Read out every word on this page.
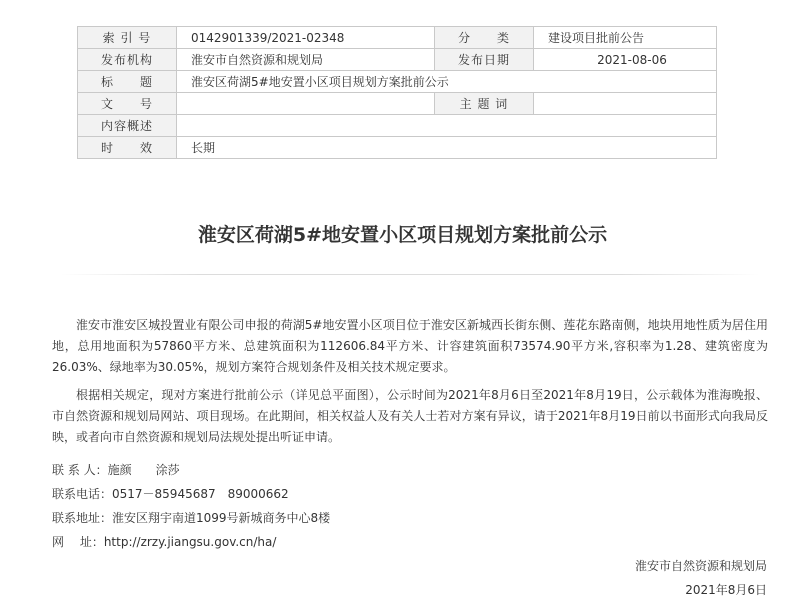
索 引 号	0142901339/2021-02348	分　　类	建设项目批前公告
发布机构	淮安市自然资源和规划局	发布日期	2021-08-06
标　　题	淮安区荷湖5#地安置小区项目规划方案批前公示		
文　　号		主 题 词	
内容概述			
时　　效	长期		
淮安区荷湖5#地安置小区项目规划方案批前公示

淮安市淮安区城投置业有限公司申报的荷湖5#地安置小区项目位于淮安区新城西长街东侧、莲花东路南侧，地块用地性质为居住用地，总用地面积为57860平方米、总建筑面积为112606.84平方米、计容建筑面积73574.90平方米,容积率为1.28、建筑密度为26.03%、绿地率为30.05%，规划方案符合规划条件及相关技术规定要求。

根据相关规定，现对方案进行批前公示（详见总平面图），公示时间为2021年8月6日至2021年8月19日，公示载体为淮海晚报、市自然资源和规划局网站、项目现场。在此期间，相关权益人及有关人士若对方案有异议，请于2021年8月19日前以书面形式向我局反映，或者向市自然资源和规划局法规处提出听证申请。

联 系 人：施颜　　涂莎
联系电话：0517－85945687　89000662
联系地址：淮安区翔宇南道1099号新城商务中心8楼
网　 址：http://zrzy.jiangsu.gov.cn/ha/
淮安市自然资源和规划局
2021年8月6日
